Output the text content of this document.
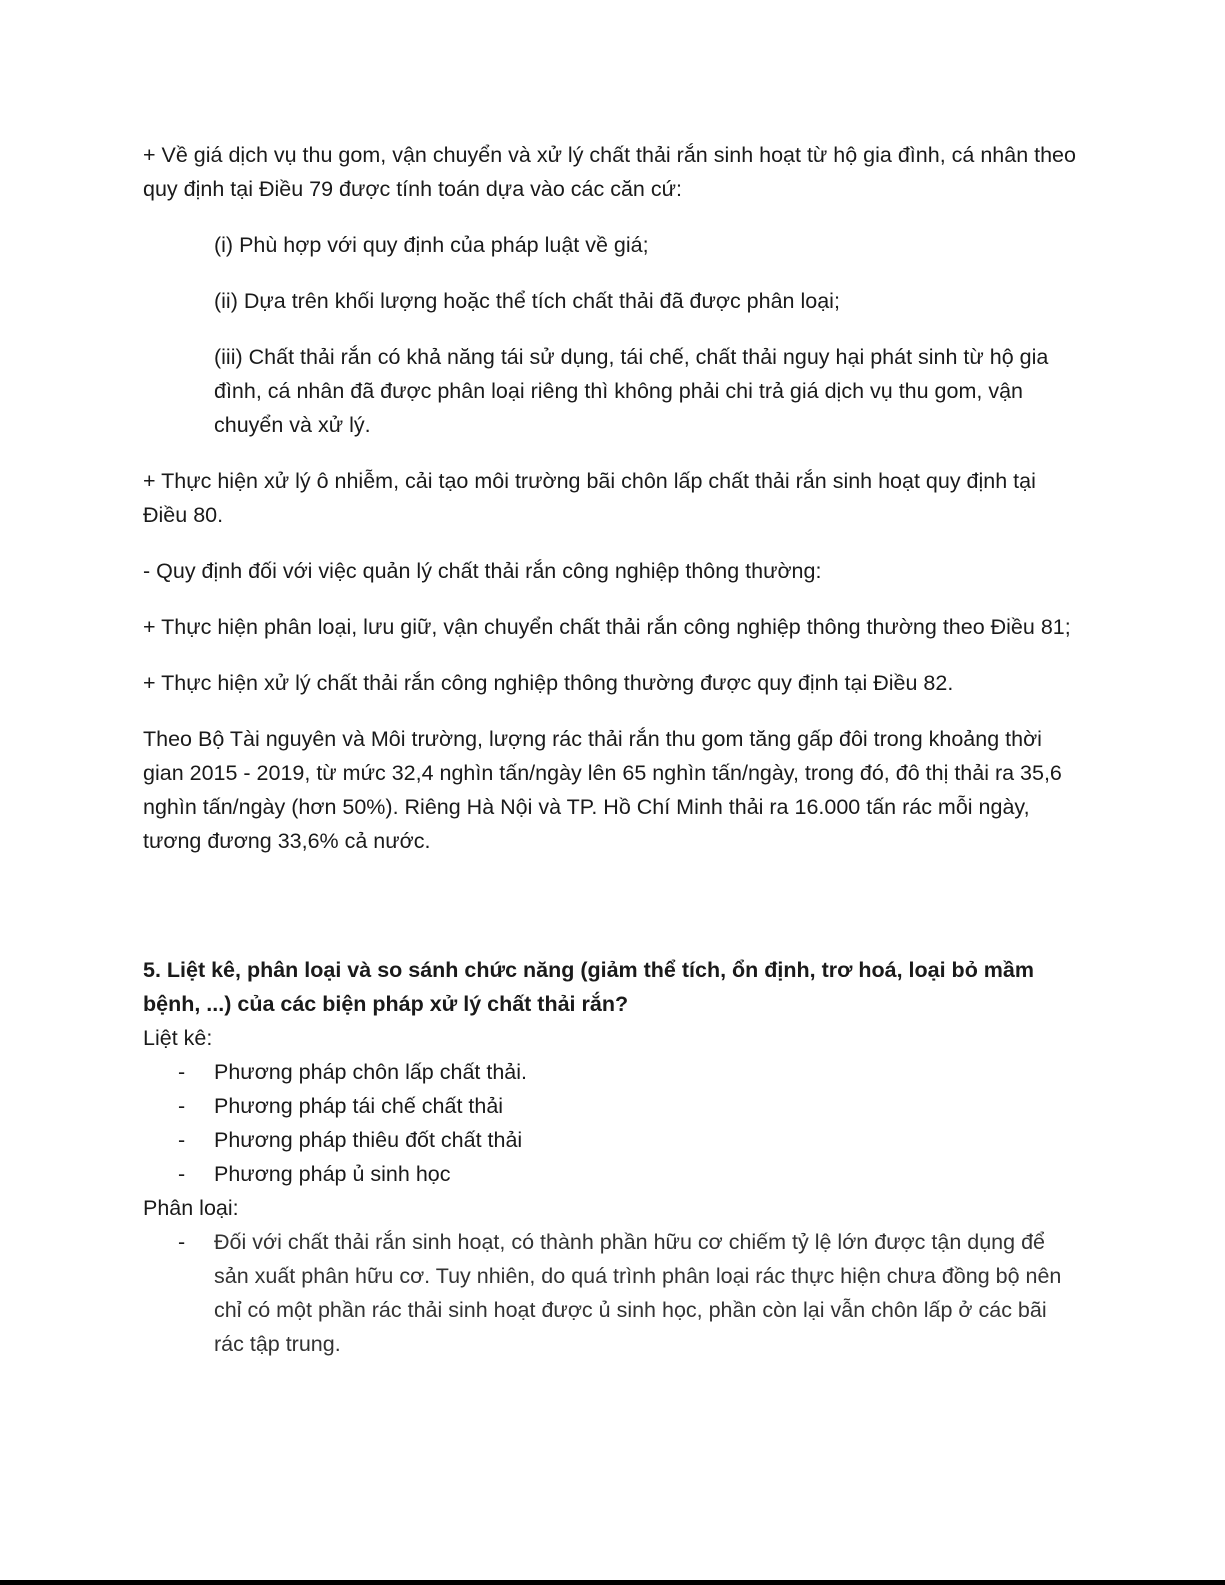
+ Về giá dịch vụ thu gom, vận chuyển và xử lý chất thải rắn sinh hoạt từ hộ gia đình, cá nhân theo quy định tại Điều 79 được tính toán dựa vào các căn cứ:

(i) Phù hợp với quy định của pháp luật về giá;

(ii) Dựa trên khối lượng hoặc thể tích chất thải đã được phân loại;

(iii) Chất thải rắn có khả năng tái sử dụng, tái chế, chất thải nguy hại phát sinh từ hộ gia đình, cá nhân đã được phân loại riêng thì không phải chi trả giá dịch vụ thu gom, vận chuyển và xử lý.

+ Thực hiện xử lý ô nhiễm, cải tạo môi trường bãi chôn lấp chất thải rắn sinh hoạt quy định tại Điều 80.

- Quy định đối với việc quản lý chất thải rắn công nghiệp thông thường:

+ Thực hiện phân loại, lưu giữ, vận chuyển chất thải rắn công nghiệp thông thường theo Điều 81;

+ Thực hiện xử lý chất thải rắn công nghiệp thông thường được quy định tại Điều 82.

Theo Bộ Tài nguyên và Môi trường, lượng rác thải rắn thu gom tăng gấp đôi trong khoảng thời gian 2015 - 2019, từ mức 32,4 nghìn tấn/ngày lên 65 nghìn tấn/ngày, trong đó, đô thị thải ra 35,6 nghìn tấn/ngày (hơn 50%). Riêng Hà Nội và TP. Hồ Chí Minh thải ra 16.000 tấn rác mỗi ngày, tương đương 33,6% cả nước.

5. Liệt kê, phân loại và so sánh chức năng (giảm thể tích, ổn định, trơ hoá, loại bỏ mầm bệnh, ...) của các biện pháp xử lý chất thải rắn?

Liệt kê:

- Phương pháp chôn lấp chất thải.
- Phương pháp tái chế chất thải
- Phương pháp thiêu đốt chất thải
- Phương pháp ủ sinh học

Phân loại:

- Đối với chất thải rắn sinh hoạt, có thành phần hữu cơ chiếm tỷ lệ lớn được tận dụng để sản xuất phân hữu cơ. Tuy nhiên, do quá trình phân loại rác thực hiện chưa đồng bộ nên chỉ có một phần rác thải sinh hoạt được ủ sinh học, phần còn lại vẫn chôn lấp ở các bãi rác tập trung.
